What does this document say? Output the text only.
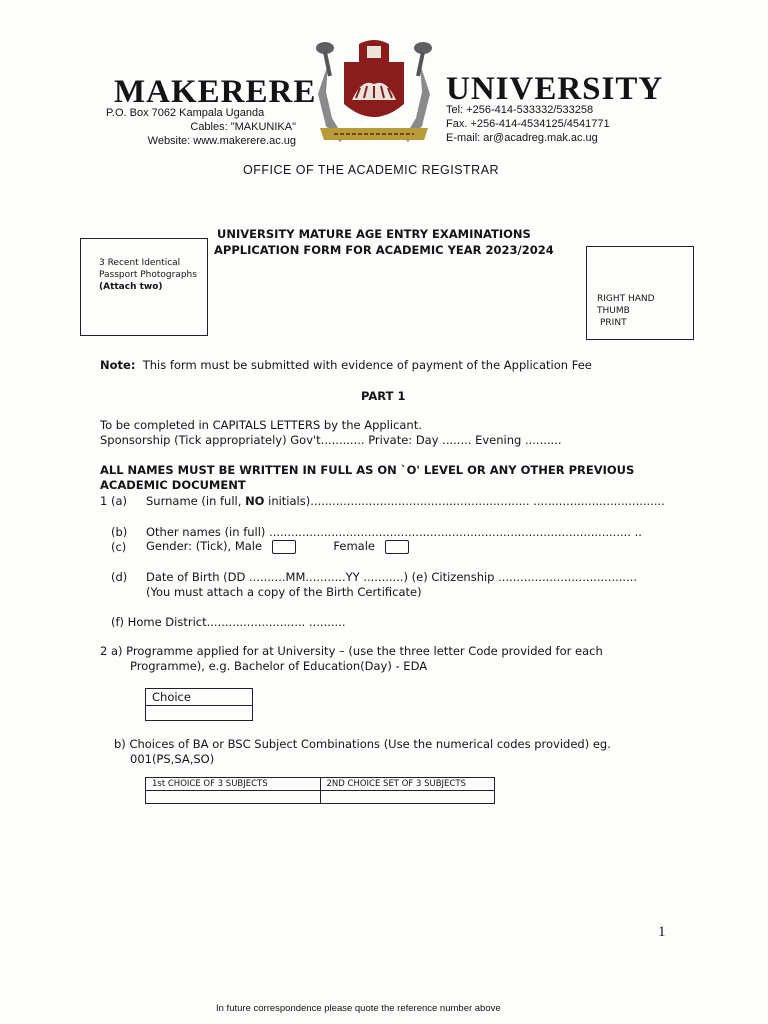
MAKERERE	UNIVERSITY
P.O. Box 7062 Kampala Uganda
Cables: "MAKUNIKA"
Website: www.makerere.ac.ug
Tel: +256-414-533332/533258
Fax. +256-414-4534125/4541771
E-mail: ar@acadreg.mak.ac.ug
OFFICE OF THE ACADEMIC REGISTRAR
UNIVERSITY MATURE AGE ENTRY EXAMINATIONS
APPLICATION FORM FOR ACADEMIC YEAR 2023/2024
3 Recent Identical
Passport Photographs
(Attach two)
RIGHT HAND
THUMB
PRINT
Note: This form must be submitted with evidence of payment of the Application Fee
PART 1
To be completed in CAPITALS LETTERS by the Applicant.
Sponsorship (Tick appropriately) Gov't............ Private: Day ........ Evening ..........
ALL NAMES MUST BE WRITTEN IN FULL AS ON `O' LEVEL OR ANY OTHER PREVIOUS
ACADEMIC DOCUMENT
1 (a) Surname (in full, NO initials)............................................................ ....................................
(b) Other names (in full) ................................................................................................... ..
(c) Gender: (Tick), Male	Female
(d) Date of Birth (DD ..........MM...........YY ...........) (e) Citizenship ......................................
(You must attach a copy of the Birth Certificate)
(f) Home District........................... ..........
2 a) Programme applied for at University – (use the three letter Code provided for each
Programme), e.g. Bachelor of Education(Day) - EDA
Choice

b) Choices of BA or BSC Subject Combinations (Use the numerical codes provided) eg.
001(PS,SA,SO)
1st CHOICE OF 3 SUBJECTS	2ND CHOICE SET OF 3 SUBJECTS

1
In future correspondence please quote the reference number above
